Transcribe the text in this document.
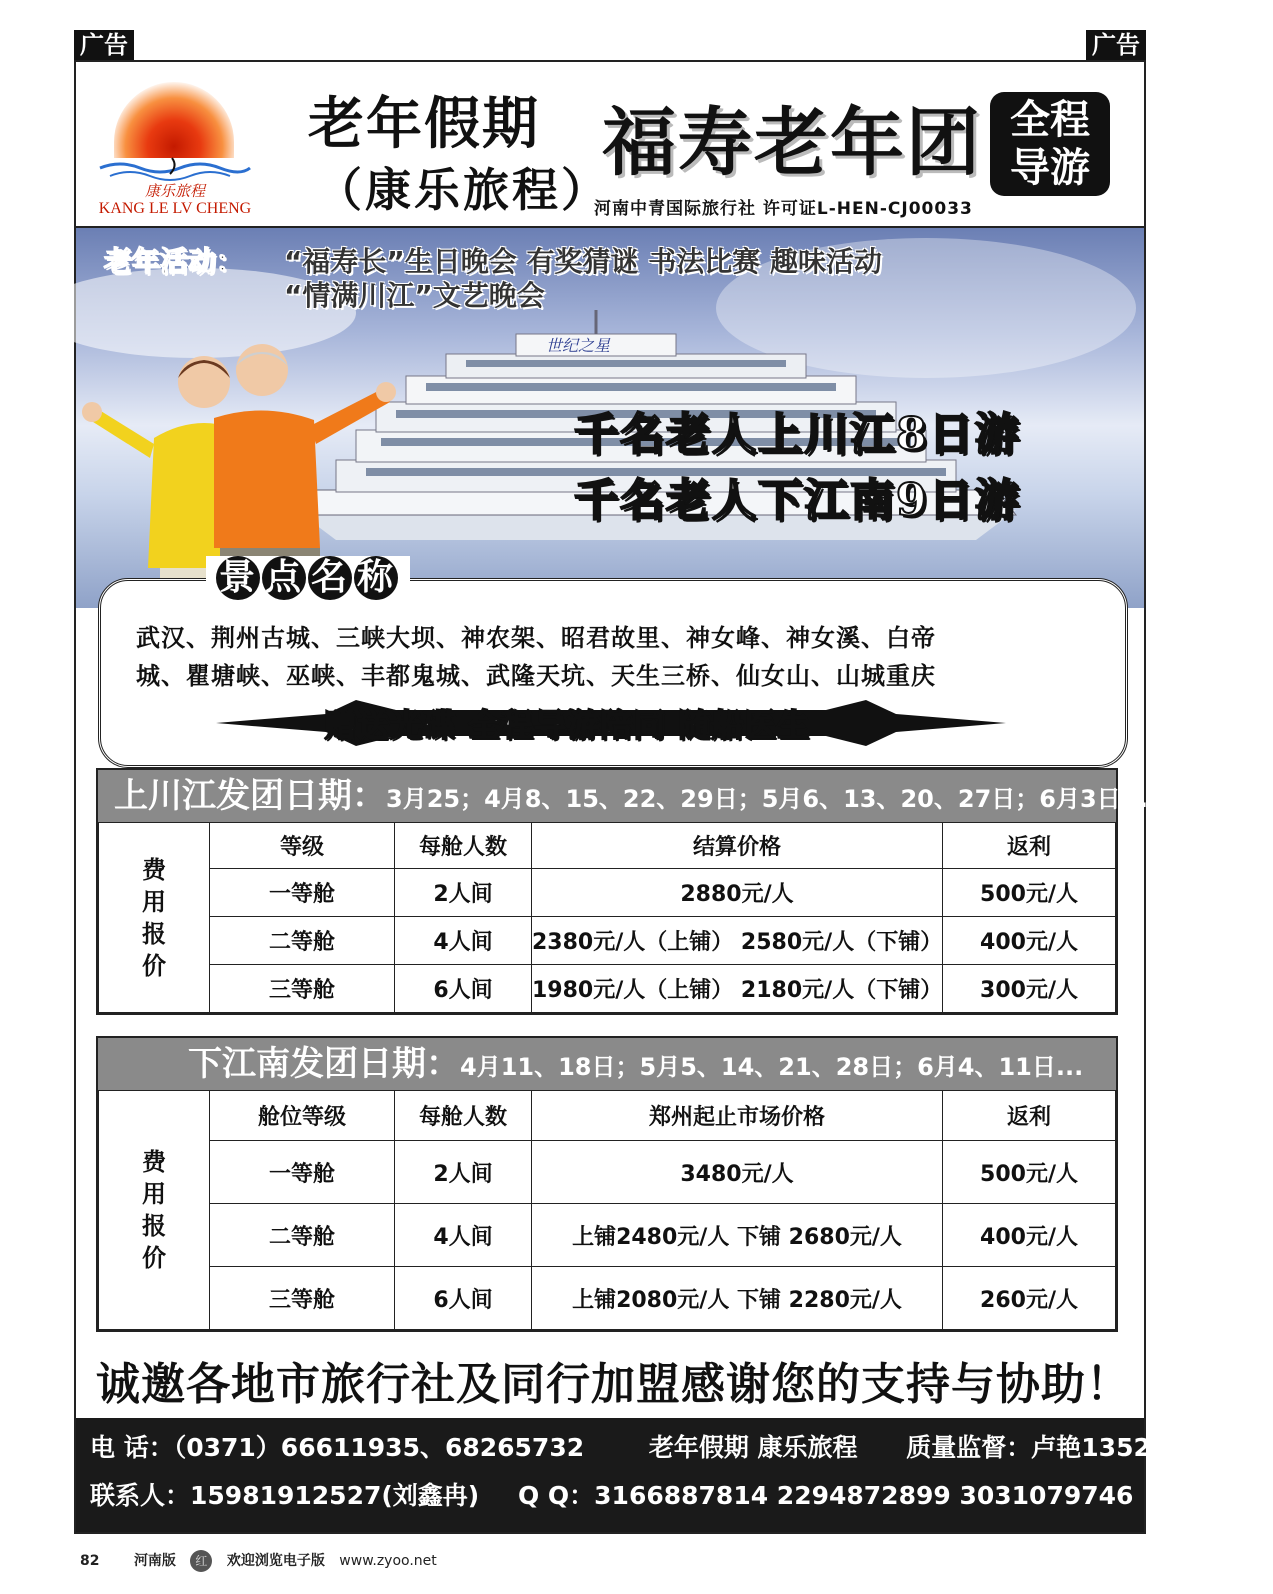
广告	广告
康乐旅程
KANG LE LV CHENG
老年假期
（康乐旅程）
福寿老年团 全程
导游
河南中青国际旅行社 许可证L-HEN-CJ00033
老年活动： “福寿长”生日晚会 有奖猜谜 书法比赛 趣味活动
“情满川江”文艺晚会
世纪之星
千名老人上川江8日游
千名老人下江南9日游
景 点 名 称
武汉、荆州古城、三峡大坝、神农架、昭君故里、神女峰、神女溪、白帝
城、瞿塘峡、巫峡、丰都鬼城、武隆天坑、天生三桥、仙女山、山城重庆
赠送光碟 全程导游陪同 随船医生
上川江发团日期：3月25；4月8、15、22、29日；5月6、13、20、27日；6月3日...
费
用
报
价	等级	每舱人数	结算价格	返利
	一等舱	2人间	2880元/人	500元/人
	二等舱	4人间	2380元/人（上铺） 2580元/人（下铺）	400元/人
	三等舱	6人间	1980元/人（上铺） 2180元/人（下铺）	300元/人
下江南发团日期：4月11、18日；5月5、14、21、28日；6月4、11日...
费
用
报
价	舱位等级	每舱人数	郑州起止市场价格	返利
	一等舱	2人间	3480元/人	500元/人
	二等舱	4人间	上铺2480元/人 下铺 2680元/人	400元/人
	三等舱	6人间	上铺2080元/人 下铺 2280元/人	260元/人
诚邀各地市旅行社及同行加盟感谢您的支持与协助！
电 话：（0371）66611935、68265732	老年假期 康乐旅程 质量监督：卢艳13526566431
联系人：15981912527(刘鑫冉) Q Q：3166887814 2294872899 3031079746
82 河南版 红 欢迎浏览电子版 www.zyoo.net
